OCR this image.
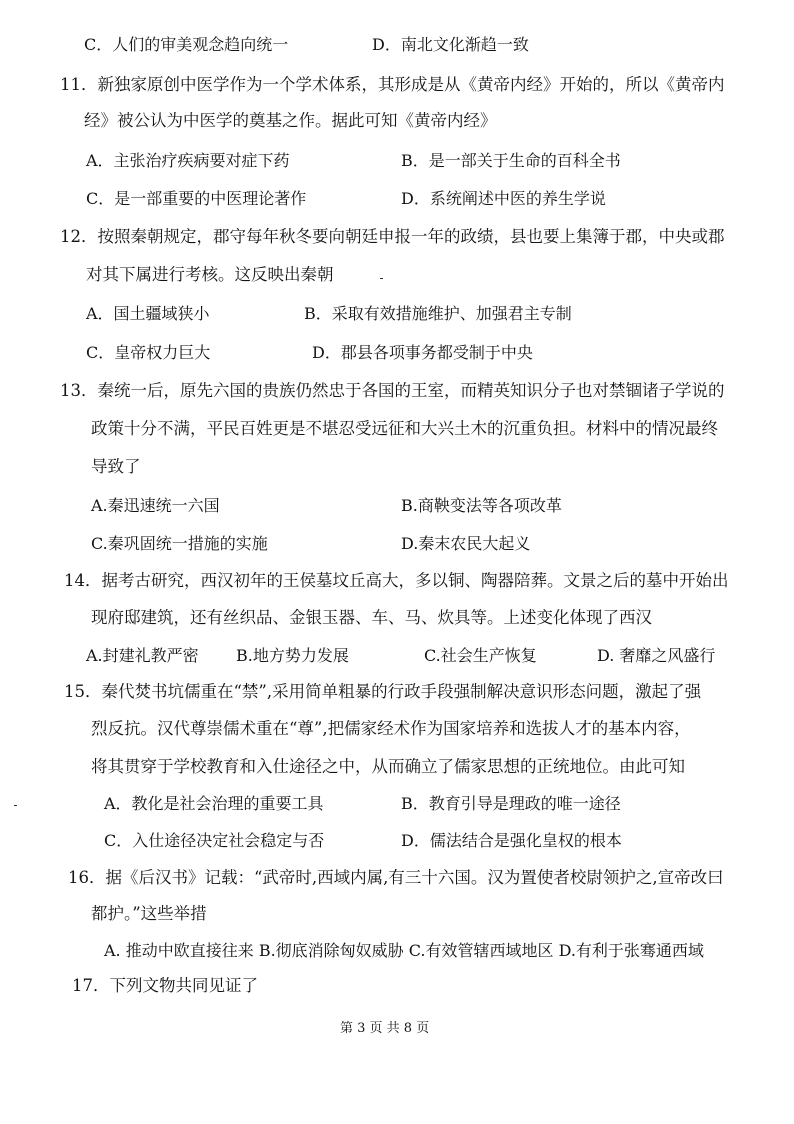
C．人们的审美观念趋向统一	D．南北文化渐趋一致
11．新独家原创中医学作为一个学术体系，其形成是从《黄帝内经》开始的，所以《黄帝内
经》被公认为中医学的奠基之作。据此可知《黄帝内经》
A．主张治疗疾病要对症下药	B．是一部关于生命的百科全书
C．是一部重要的中医理论著作	D．系统阐述中医的养生学说
12．按照秦朝规定，郡守每年秋冬要向朝廷申报一年的政绩，县也要上集簿于郡，中央或郡
对其下属进行考核。这反映出秦朝
A．国土疆域狭小	B．采取有效措施维护、加强君主专制
C．皇帝权力巨大	D．郡县各项事务都受制于中央
13．秦统一后，原先六国的贵族仍然忠于各国的王室，而精英知识分子也对禁锢诸子学说的
政策十分不满，平民百姓更是不堪忍受远征和大兴土木的沉重负担。材料中的情况最终
导致了
A.秦迅速统一六国	B.商鞅变法等各项改革
C.秦巩固统一措施的实施	D.秦末农民大起义
14．据考古研究，西汉初年的王侯墓坟丘高大，多以铜、陶器陪葬。文景之后的墓中开始出
现府邸建筑，还有丝织品、金银玉器、车、马、炊具等。上述变化体现了西汉
A.封建礼教严密 B.地方势力发展	C.社会生产恢复	D. 奢靡之风盛行
15．秦代焚书坑儒重在“禁”,采用简单粗暴的行政手段强制解决意识形态问题，激起了强
烈反抗。汉代尊崇儒术重在“尊”,把儒家经术作为国家培养和选拔人才的基本内容，
将其贯穿于学校教育和入仕途径之中，从而确立了儒家思想的正统地位。由此可知
A．教化是社会治理的重要工具	B．教育引导是理政的唯一途径
C．入仕途径决定社会稳定与否	D．儒法结合是强化皇权的根本
16．据《后汉书》记载：“武帝时,西域内属,有三十六国。汉为置使者校尉领护之,宣帝改曰
都护。”这些举措
A. 推动中欧直接往来 B.彻底消除匈奴威胁 C.有效管辖西域地区 D.有利于张骞通西域
17．下列文物共同见证了
第 3 页 共 8 页
